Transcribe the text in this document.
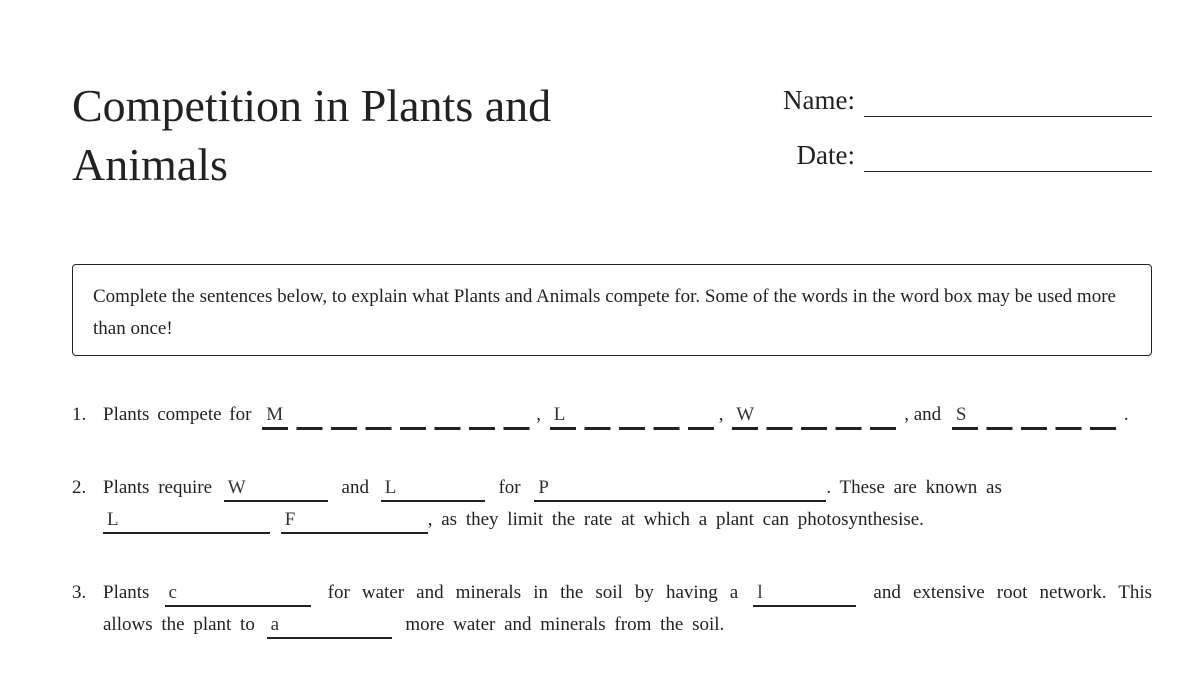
Competition in Plants and Animals
Name:
Date:
Complete the sentences below, to explain what Plants and Animals compete for. Some of the words in the word box may be used more than once!
1. Plants compete for M	, L	, W	, and S	.
2. Plants require W	and L	for P	. These are known as
L	F	, as they limit the rate at which a plant can photosynthesise.
3. Plants c	for water and minerals in the soil by having a l	and extensive root network. This allows the plant to a	more water and minerals from the soil.
